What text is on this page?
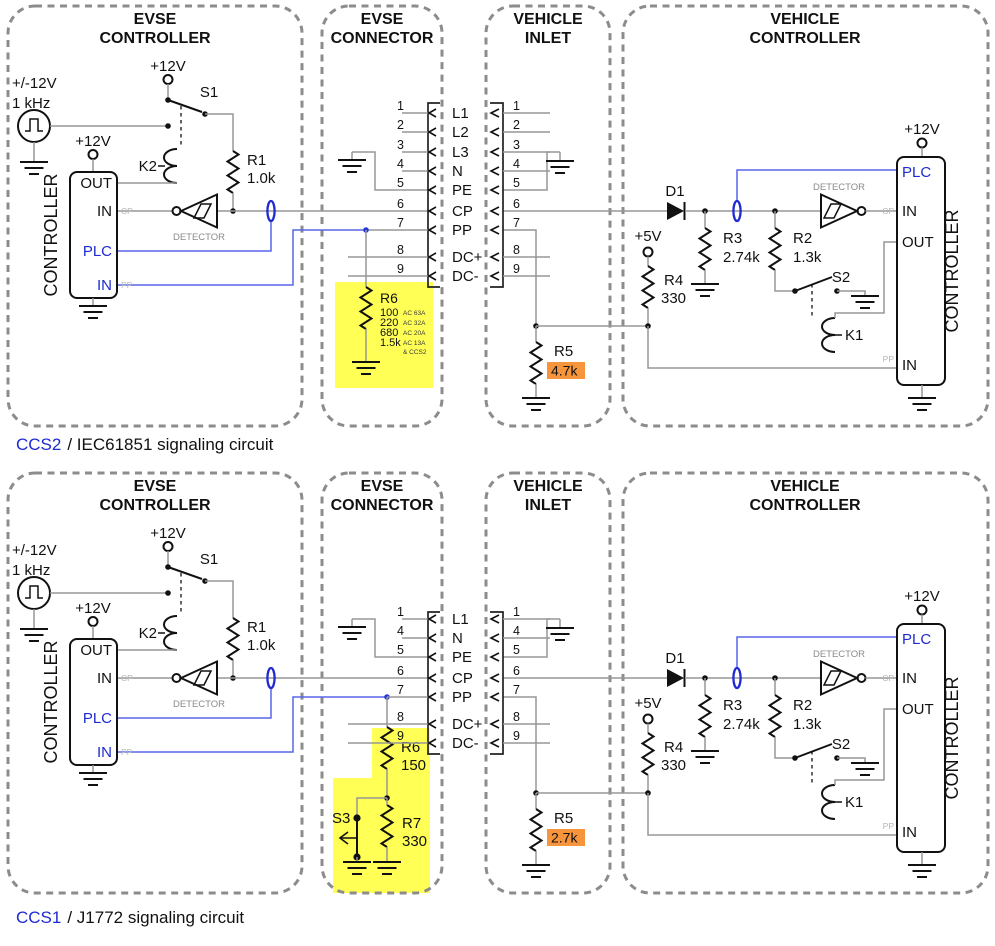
EVSE
CONTROLLER
EVSE
CONNECTOR
VEHICLE
INLET
VEHICLE
CONTROLLER
+/-12V
1 kHz
+12V
S1
R1
1.0k
K2
DETECTOR
+12V
CONTROLLER OUT
IN
PLC
IN
CP
PP
R5
D1
R3
2.74k
R2
1.3k
S2
K1
+5V
R4
330
DETECTOR
+12V
CONTROLLER
PLC
IN
OUT
IN
CP
PP
R6
100 AC 63A
220 AC 32A
680 AC 20A
1.5k AC 13A
& CCS2
4.7k
1	1
L1
2	2
L2
3	3
L3
4	4
N
5	5
PE
6	6
CP
7	7
PP
8	8
DC+
9	9
DC-
R6
150
R7
330
S3
2.7k
1	1
L1
4	4
N
5	5
PE
6	6
CP
7	7
PP
8	8
DC+
9	9
DC-
CCS2 / IEC61851 signaling circuit
CCS1 / J1772 signaling circuit
